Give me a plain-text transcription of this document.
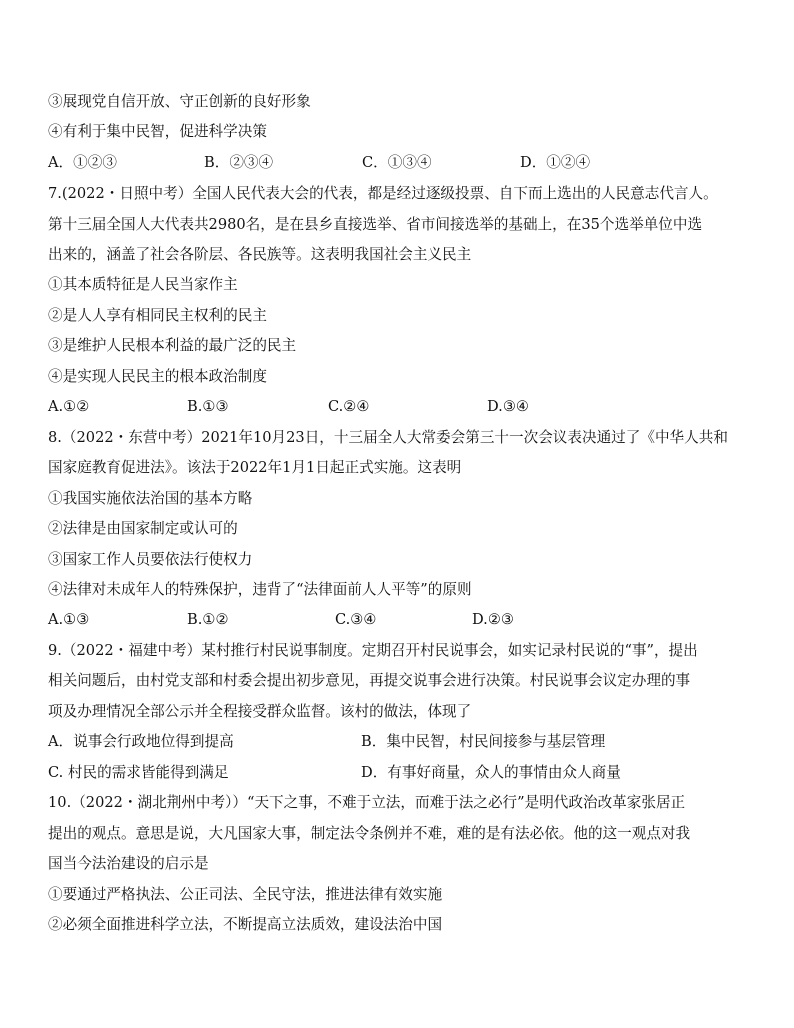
③展现党自信开放、守正创新的良好形象
④有利于集中民智，促进科学决策
A．①②③	B．②③④	C．①③④	D．①②④
7.(2022・日照中考）全国人民代表大会的代表，都是经过逐级投票、自下而上选出的人民意志代言人。
第十三届全国人大代表共2980名，是在县乡直接选举、省市间接选举的基础上，在35个选举单位中选
出来的，涵盖了社会各阶层、各民族等。这表明我国社会主义民主
①其本质特征是人民当家作主
②是人人享有相同民主权利的民主
③是维护人民根本利益的最广泛的民主
④是实现人民民主的根本政治制度
A.①②	B.①③	C.②④	D.③④
8.（2022・东营中考）2021年10月23日，十三届全人大常委会第三十一次会议表决通过了《中华人共和
国家庭教育促进法》。该法于2022年1月1日起正式实施。这表明
①我国实施依法治国的基本方略
②法律是由国家制定或认可的
③国家工作人员要依法行使权力
④法律对未成年人的特殊保护，违背了“法律面前人人平等”的原则
A.①③	B.①②	C.③④	D.②③
9.（2022・福建中考）某村推行村民说事制度。定期召开村民说事会，如实记录村民说的“事”，提出
相关问题后，由村党支部和村委会提出初步意见，再提交说事会进行决策。村民说事会议定办理的事
项及办理情况全部公示并全程接受群众监督。该村的做法，体现了
A．说事会行政地位得到提高	B．集中民智，村民间接参与基层管理
C. 村民的需求皆能得到满足	D．有事好商量，众人的事情由众人商量
10.（2022・湖北荆州中考））“天下之事，不难于立法，而难于法之必行”是明代政治改革家张居正
提出的观点。意思是说，大凡国家大事，制定法令条例并不难，难的是有法必依。他的这一观点对我
国当今法治建设的启示是
①要通过严格执法、公正司法、全民守法，推进法律有效实施
②必须全面推进科学立法，不断提高立法质效，建设法治中国
